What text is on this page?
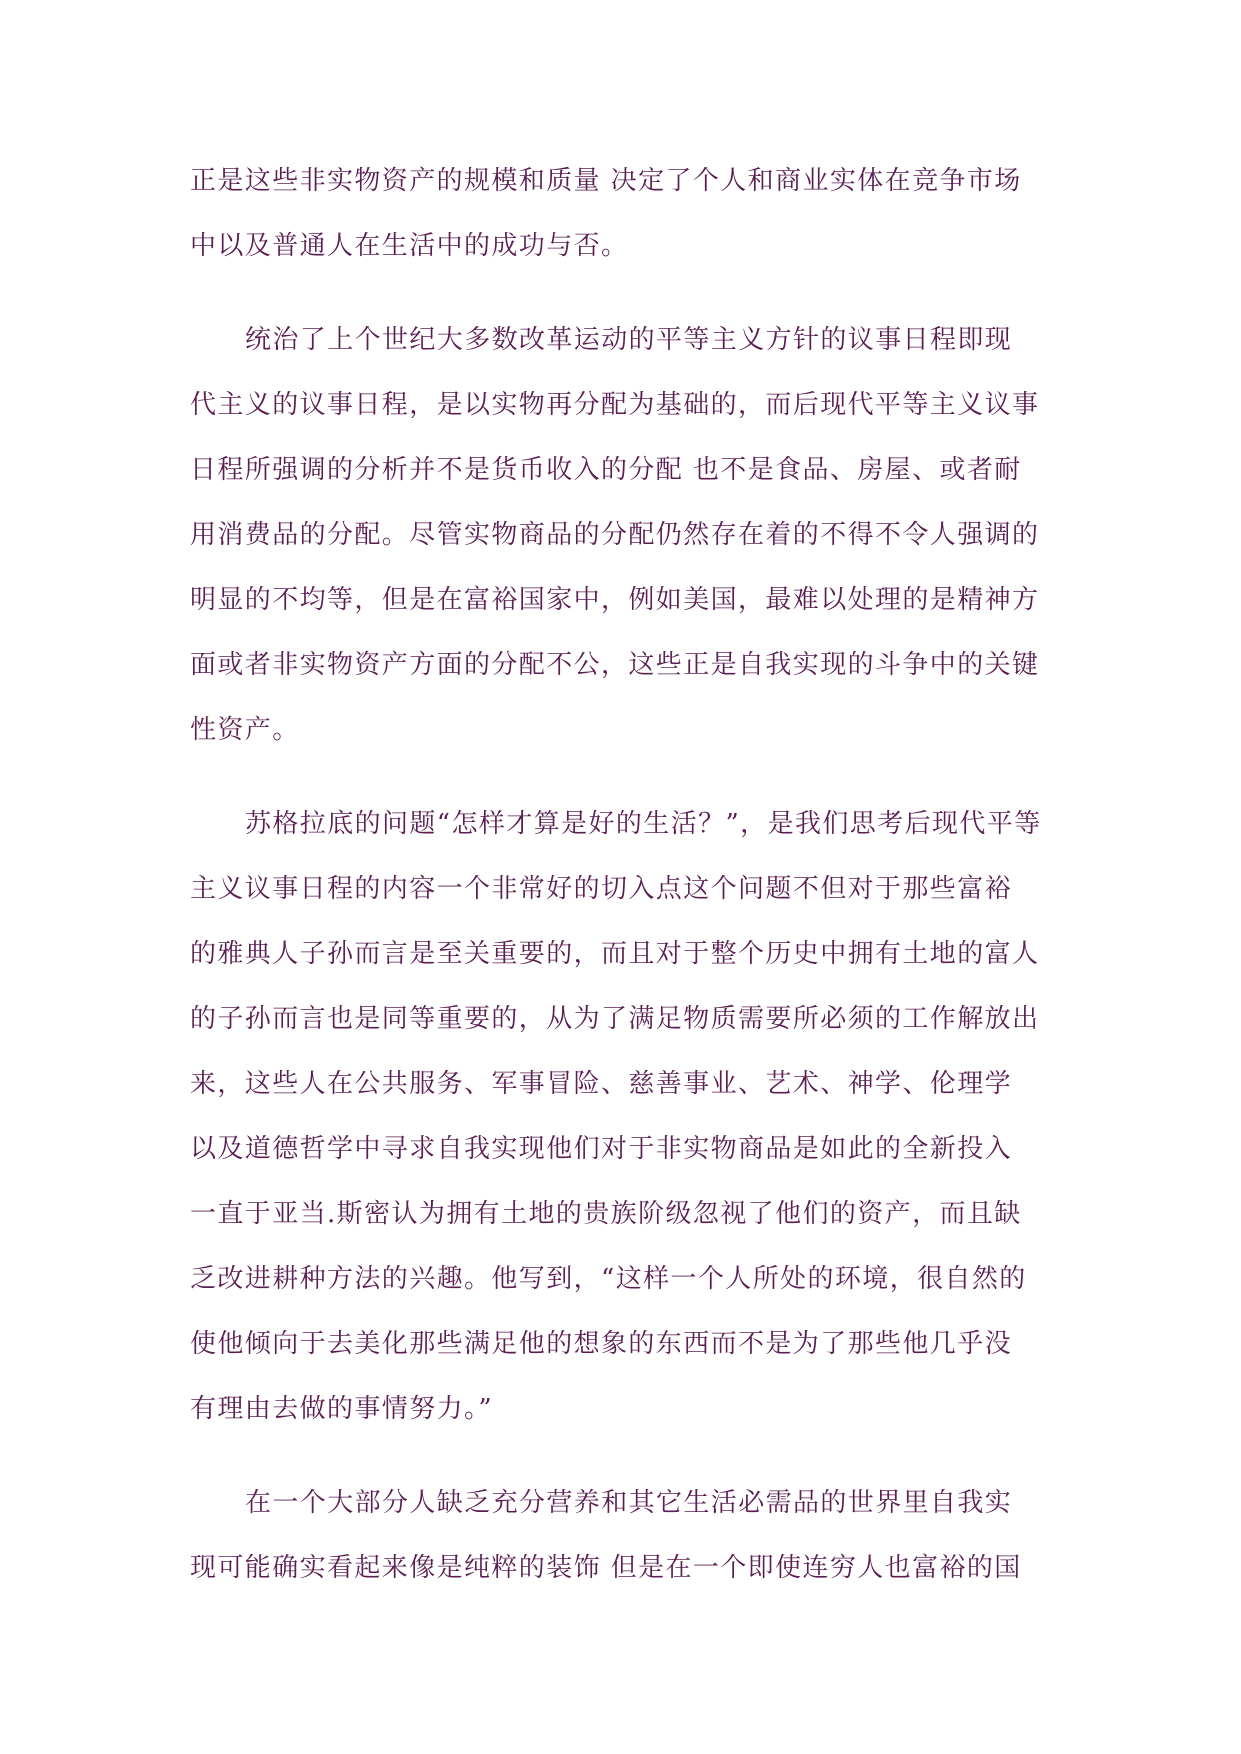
正是这些非实物资产的规模和质量 决定了个人和商业实体在竞争市场
中以及普通人在生活中的成功与否。
统治了上个世纪大多数改革运动的平等主义方针的议事日程即现
代主义的议事日程，是以实物再分配为基础的，而后现代平等主义议事
日程所强调的分析并不是货币收入的分配 也不是食品、房屋、或者耐
用消费品的分配。尽管实物商品的分配仍然存在着的不得不令人强调的
明显的不均等，但是在富裕国家中，例如美国，最难以处理的是精神方
面或者非实物资产方面的分配不公，这些正是自我实现的斗争中的关键
性资产。
苏格拉底的问题“怎样才算是好的生活？”，是我们思考后现代平等
主义议事日程的内容一个非常好的切入点这个问题不但对于那些富裕
的雅典人子孙而言是至关重要的，而且对于整个历史中拥有土地的富人
的子孙而言也是同等重要的，从为了满足物质需要所必须的工作解放出
来，这些人在公共服务、军事冒险、慈善事业、艺术、神学、伦理学
以及道德哲学中寻求自我实现他们对于非实物商品是如此的全新投入
一直于亚当.斯密认为拥有土地的贵族阶级忽视了他们的资产，而且缺
乏改进耕种方法的兴趣。他写到，“这样一个人所处的环境，很自然的
使他倾向于去美化那些满足他的想象的东西而不是为了那些他几乎没
有理由去做的事情努力。”
在一个大部分人缺乏充分营养和其它生活必需品的世界里自我实
现可能确实看起来像是纯粹的装饰 但是在一个即使连穷人也富裕的国
